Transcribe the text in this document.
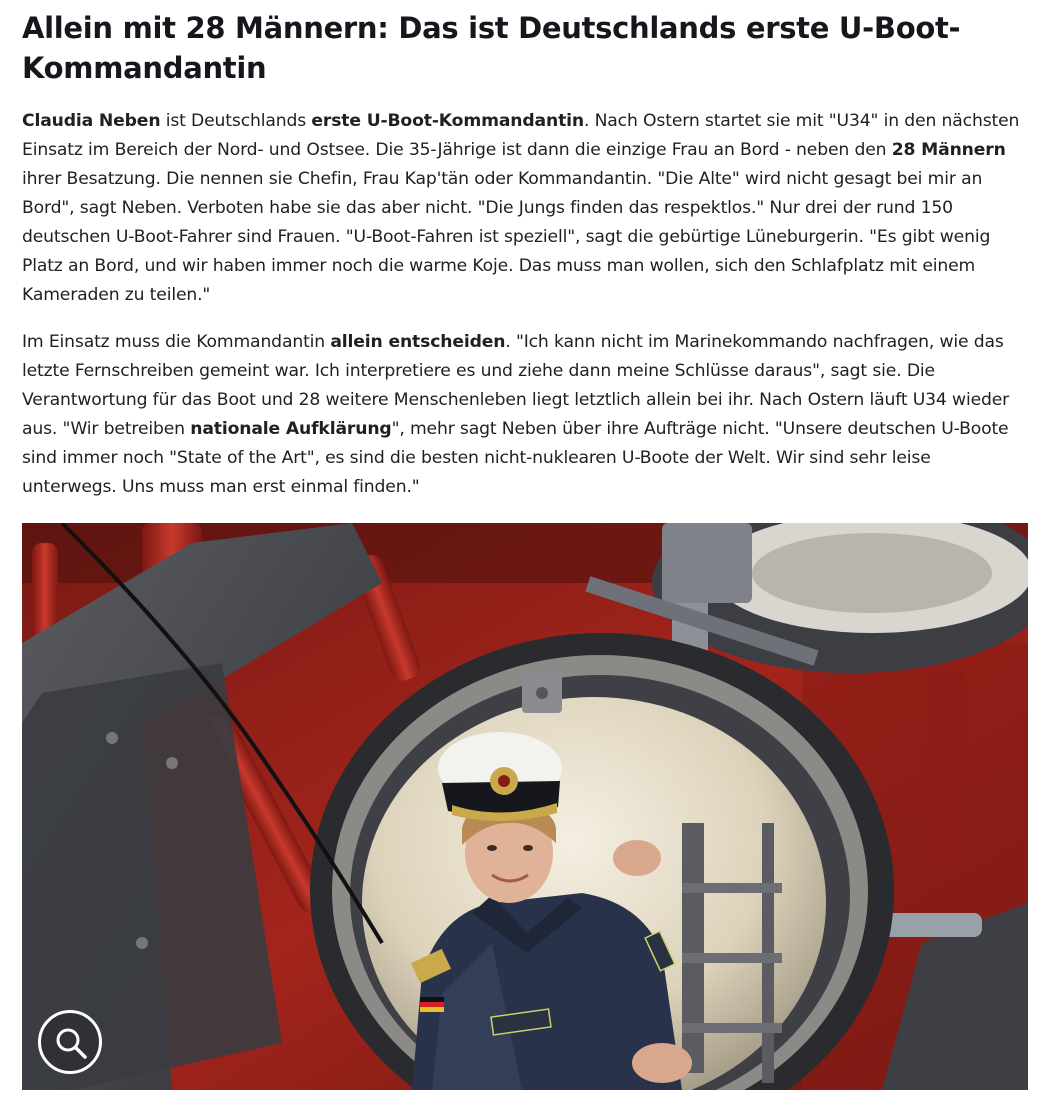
Allein mit 28 Männern: Das ist Deutschlands erste U-Boot-Kommandantin

Claudia Neben ist Deutschlands erste U-Boot-Kommandantin. Nach Ostern startet sie mit "U34" in den nächsten Einsatz im Bereich der Nord- und Ostsee. Die 35-Jährige ist dann die einzige Frau an Bord - neben den 28 Männern ihrer Besatzung. Die nennen sie Chefin, Frau Kap'tän oder Kommandantin. "Die Alte" wird nicht gesagt bei mir an Bord", sagt Neben. Verboten habe sie das aber nicht. "Die Jungs finden das respektlos." Nur drei der rund 150 deutschen U-Boot-Fahrer sind Frauen. "U-Boot-Fahren ist speziell", sagt die gebürtige Lüneburgerin. "Es gibt wenig Platz an Bord, und wir haben immer noch die warme Koje. Das muss man wollen, sich den Schlafplatz mit einem Kameraden zu teilen."

Im Einsatz muss die Kommandantin allein entscheiden. "Ich kann nicht im Marinekommando nachfragen, wie das letzte Fernschreiben gemeint war. Ich interpretiere es und ziehe dann meine Schlüsse daraus", sagt sie. Die Verantwortung für das Boot und 28 weitere Menschenleben liegt letztlich allein bei ihr. Nach Ostern läuft U34 wieder aus. "Wir betreiben nationale Aufklärung", mehr sagt Neben über ihre Aufträge nicht. "Unsere deutschen U-Boote sind immer noch "State of the Art", es sind die besten nicht-nuklearen U-Boote der Welt. Wir sind sehr leise unterwegs. Uns muss man erst einmal finden."
